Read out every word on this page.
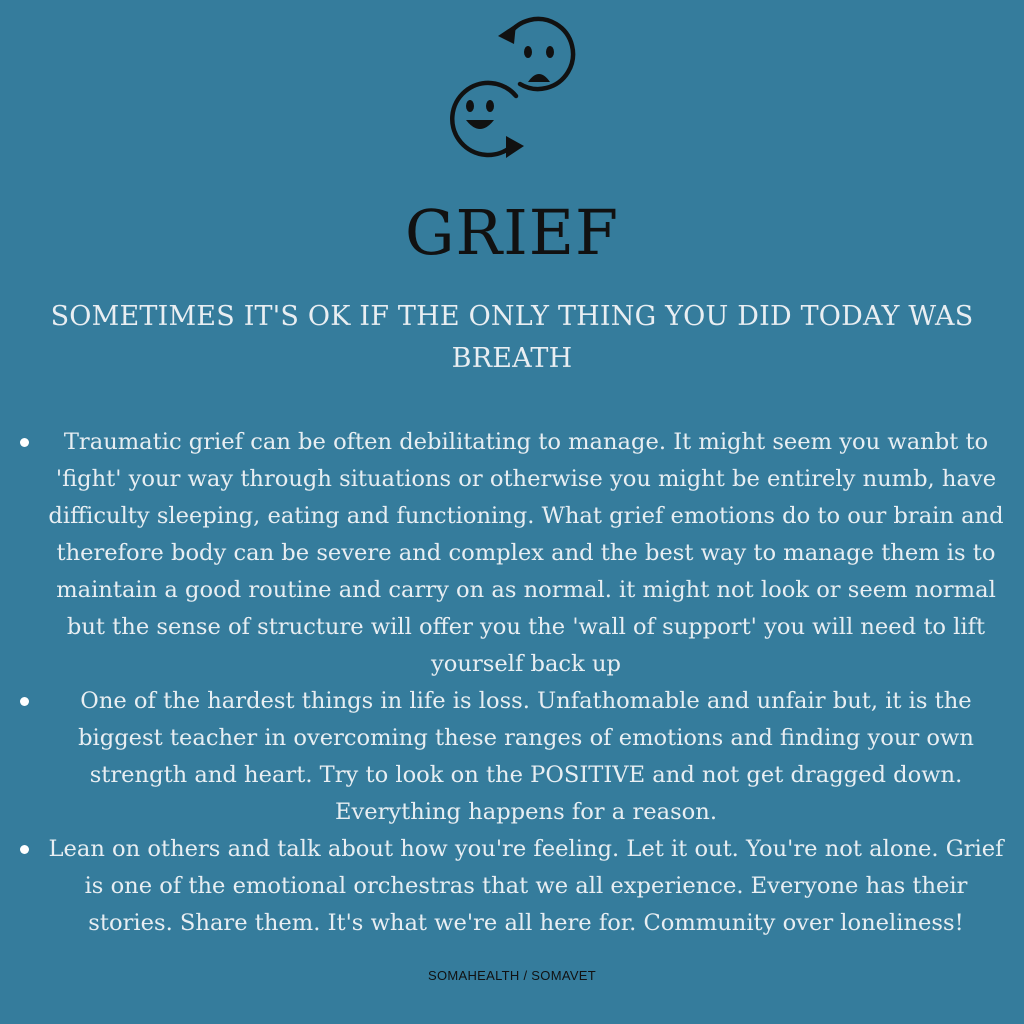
GRIEF

SOMETIMES IT'S OK IF THE ONLY THING YOU DID TODAY WAS BREATH

Traumatic grief can be often debilitating to manage. It might seem you wanbt to 'fight' your way through situations or otherwise you might be entirely numb, have difficulty sleeping, eating and functioning. What grief emotions do to our brain and therefore body can be severe and complex and the best way to manage them is to maintain a good routine and carry on as normal. it might not look or seem normal but the sense of structure will offer you the 'wall of support' you will need to lift yourself back up
One of the hardest things in life is loss. Unfathomable and unfair but, it is the biggest teacher in overcoming these ranges of emotions and finding your own strength and heart. Try to look on the POSITIVE and not get dragged down. Everything happens for a reason.
Lean on others and talk about how you're feeling. Let it out. You're not alone. Grief is one of the emotional orchestras that we all experience. Everyone has their stories. Share them. It's what we're all here for. Community over loneliness!
SOMAHEALTH / SOMAVET
